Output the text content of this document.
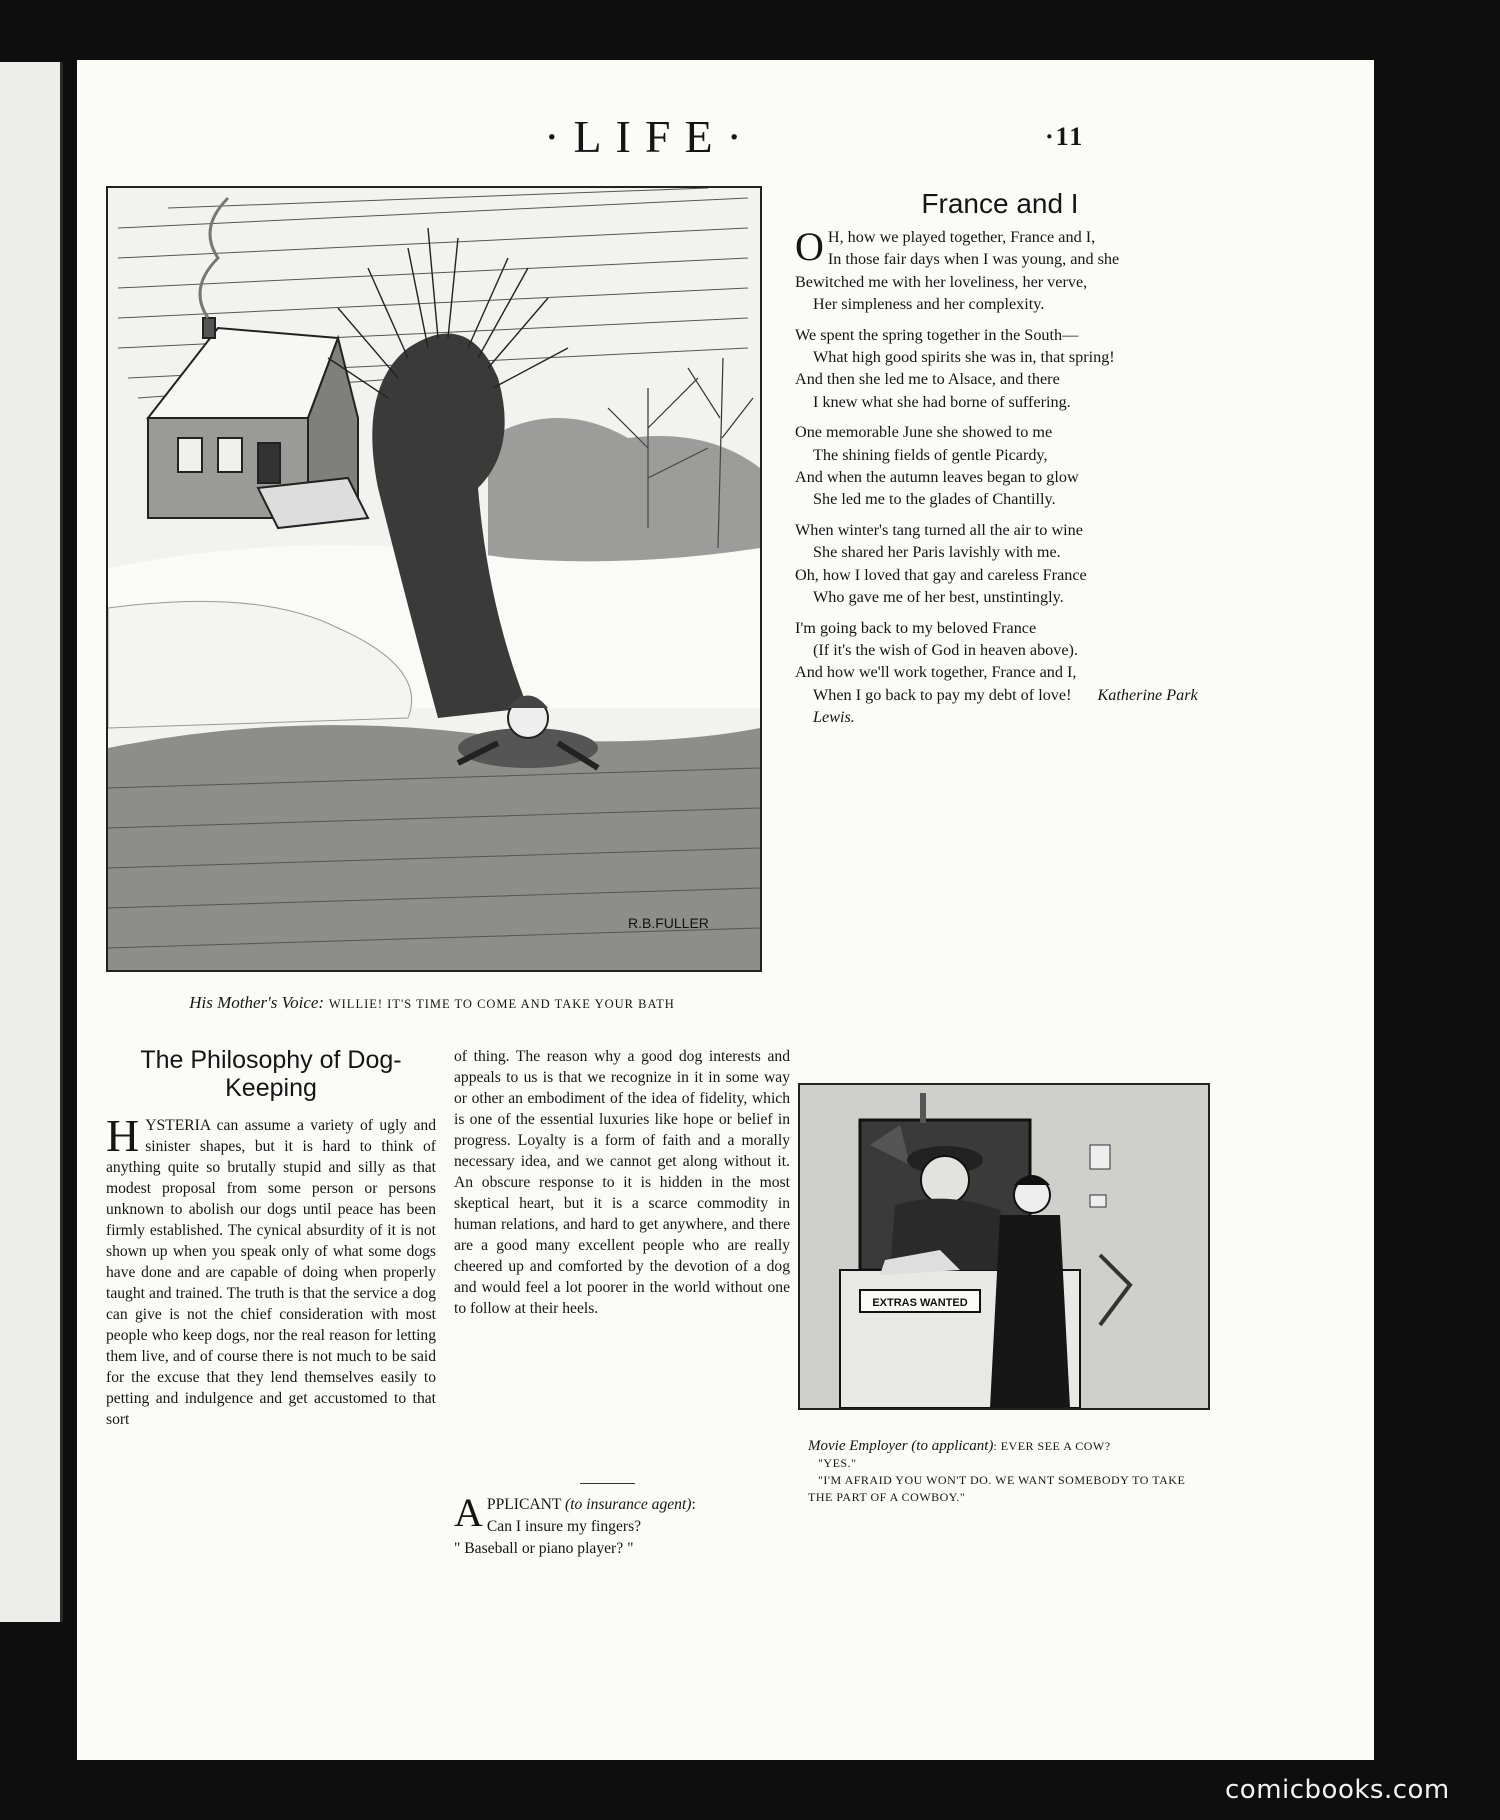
·LIFE·	·11
R.B.FULLER
His Mother's Voice: WILLIE! IT'S TIME TO COME AND TAKE YOUR BATH
France and I
O H, how we played together, France and I,
In those fair days when I was young, and she
Bewitched me with her loveliness, her verve,
Her simpleness and her complexity.
We spent the spring together in the South—
What high good spirits she was in, that spring!
And then she led me to Alsace, and there
I knew what she had borne of suffering.
One memorable June she showed to me
The shining fields of gentle Picardy,
And when the autumn leaves began to glow
She led me to the glades of Chantilly.
When winter's tang turned all the air to wine
She shared her Paris lavishly with me.
Oh, how I loved that gay and careless France
Who gave me of her best, unstintingly.
I'm going back to my beloved France
(If it's the wish of God in heaven above).
And how we'll work together, France and I,
When I go back to pay my debt of love! Katherine Park Lewis.
The Philosophy of Dog-Keeping
HYSTERIA can assume a variety of ugly and sinister shapes, but it is hard to think of anything quite so brutally stupid and silly as that modest proposal from some person or persons unknown to abolish our dogs until peace has been firmly established. The cynical absurdity of it is not shown up when you speak only of what some dogs have done and are capable of doing when properly taught and trained. The truth is that the service a dog can give is not the chief consideration with most people who keep dogs, nor the real reason for letting them live, and of course there is not much to be said for the excuse that they lend themselves easily to petting and indulgence and get accustomed to that sort
of thing. The reason why a good dog interests and appeals to us is that we recognize in it in some way or other an embodiment of the idea of fidelity, which is one of the essential luxuries like hope or belief in progress. Loyalty is a form of faith and a morally necessary idea, and we cannot get along without it. An obscure response to it is hidden in the most skeptical heart, but it is a scarce commodity in human relations, and hard to get anywhere, and there are a good many excellent people who are really cheered up and comforted by the devotion of a dog and would feel a lot poorer in the world without one to follow at their heels.
A PPLICANT (to insurance agent):
Can I insure my fingers?
" Baseball or piano player? "
EXTRAS WANTED
Movie Employer (to applicant): EVER SEE A COW?
"YES."
"I'M AFRAID YOU WON'T DO. WE WANT SOMEBODY TO TAKE THE PART OF A COWBOY."
comicbooks.com
